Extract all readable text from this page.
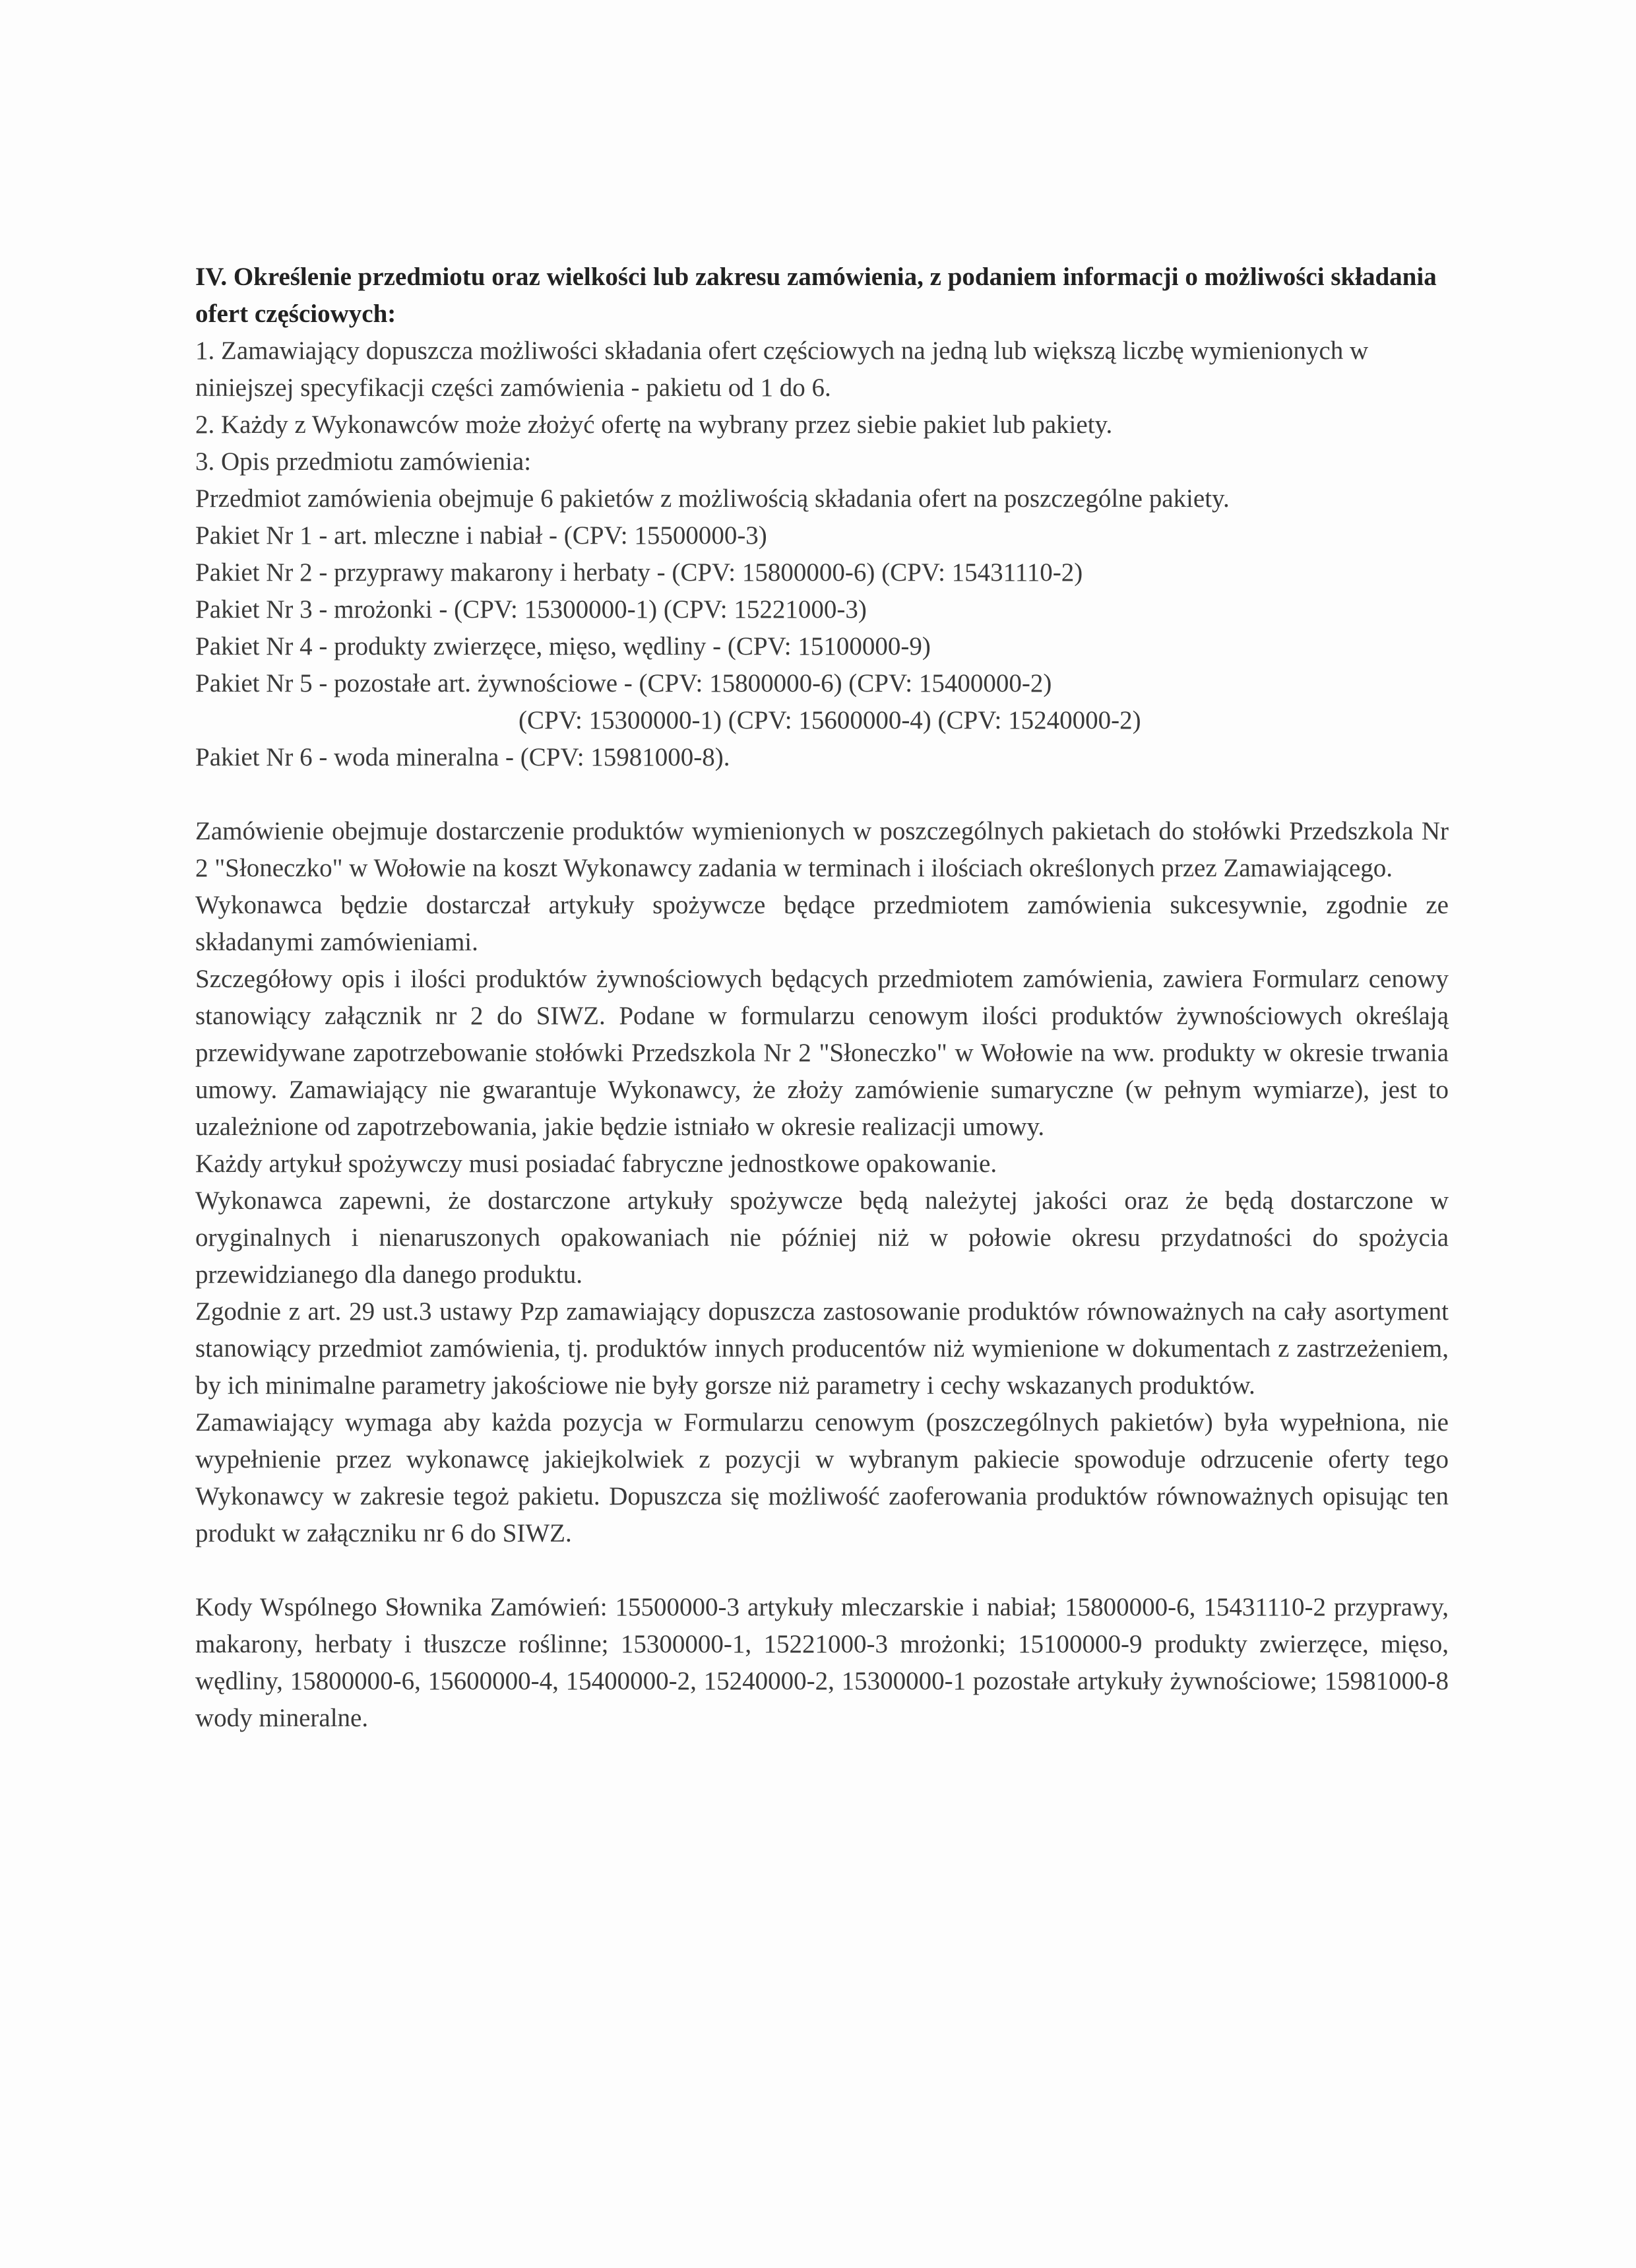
IV. Określenie przedmiotu oraz wielkości lub zakresu zamówienia, z podaniem informacji o możliwości składania ofert częściowych:

1. Zamawiający dopuszcza możliwości składania ofert częściowych na jedną lub większą liczbę wymienionych w niniejszej specyfikacji części zamówienia - pakietu od 1 do 6.

2. Każdy z Wykonawców może złożyć ofertę na wybrany przez siebie pakiet lub pakiety.

3. Opis przedmiotu zamówienia:

Przedmiot zamówienia obejmuje 6 pakietów z możliwością składania ofert na poszczególne pakiety.

Pakiet Nr 1 - art. mleczne i nabiał - (CPV: 15500000-3)

Pakiet Nr 2 - przyprawy makarony i herbaty - (CPV: 15800000-6) (CPV: 15431110-2)

Pakiet Nr 3 - mrożonki - (CPV: 15300000-1) (CPV: 15221000-3)

Pakiet Nr 4 - produkty zwierzęce, mięso, wędliny - (CPV: 15100000-9)

Pakiet Nr 5 - pozostałe art. żywnościowe - (CPV: 15800000-6) (CPV: 15400000-2)

(CPV: 15300000-1) (CPV: 15600000-4) (CPV: 15240000-2)

Pakiet Nr 6 - woda mineralna - (CPV: 15981000-8).

Zamówienie obejmuje dostarczenie produktów wymienionych w poszczególnych pakietach do stołówki Przedszkola Nr 2 "Słoneczko" w Wołowie na koszt Wykonawcy zadania w terminach i ilościach określonych przez Zamawiającego.

Wykonawca będzie dostarczał artykuły spożywcze będące przedmiotem zamówienia sukcesywnie, zgodnie ze składanymi zamówieniami.

Szczegółowy opis i ilości produktów żywnościowych będących przedmiotem zamówienia, zawiera Formularz cenowy stanowiący załącznik nr 2 do SIWZ. Podane w formularzu cenowym ilości produktów żywnościowych określają przewidywane zapotrzebowanie stołówki Przedszkola Nr 2 "Słoneczko" w Wołowie na ww. produkty w okresie trwania umowy. Zamawiający nie gwarantuje Wykonawcy, że złoży zamówienie sumaryczne (w pełnym wymiarze), jest to uzależnione od zapotrzebowania, jakie będzie istniało w okresie realizacji umowy.

Każdy artykuł spożywczy musi posiadać fabryczne jednostkowe opakowanie.

Wykonawca zapewni, że dostarczone artykuły spożywcze będą należytej jakości oraz że będą dostarczone w oryginalnych i nienaruszonych opakowaniach nie później niż w połowie okresu przydatności do spożycia przewidzianego dla danego produktu.

Zgodnie z art. 29 ust.3 ustawy Pzp zamawiający dopuszcza zastosowanie produktów równoważnych na cały asortyment stanowiący przedmiot zamówienia, tj. produktów innych producentów niż wymienione w dokumentach z zastrzeżeniem, by ich minimalne parametry jakościowe nie były gorsze niż parametry i cechy wskazanych produktów.

Zamawiający wymaga aby każda pozycja w Formularzu cenowym (poszczególnych pakietów) była wypełniona, nie wypełnienie przez wykonawcę jakiejkolwiek z pozycji w wybranym pakiecie spowoduje odrzucenie oferty tego Wykonawcy w zakresie tegoż pakietu. Dopuszcza się możliwość zaoferowania produktów równoważnych opisując ten produkt w załączniku nr 6 do SIWZ.

Kody Wspólnego Słownika Zamówień: 15500000-3 artykuły mleczarskie i nabiał; 15800000-6, 15431110-2 przyprawy, makarony, herbaty i tłuszcze roślinne; 15300000-1, 15221000-3 mrożonki; 15100000-9 produkty zwierzęce, mięso, wędliny, 15800000-6, 15600000-4, 15400000-2, 15240000-2, 15300000-1 pozostałe artykuły żywnościowe; 15981000-8 wody mineralne.
